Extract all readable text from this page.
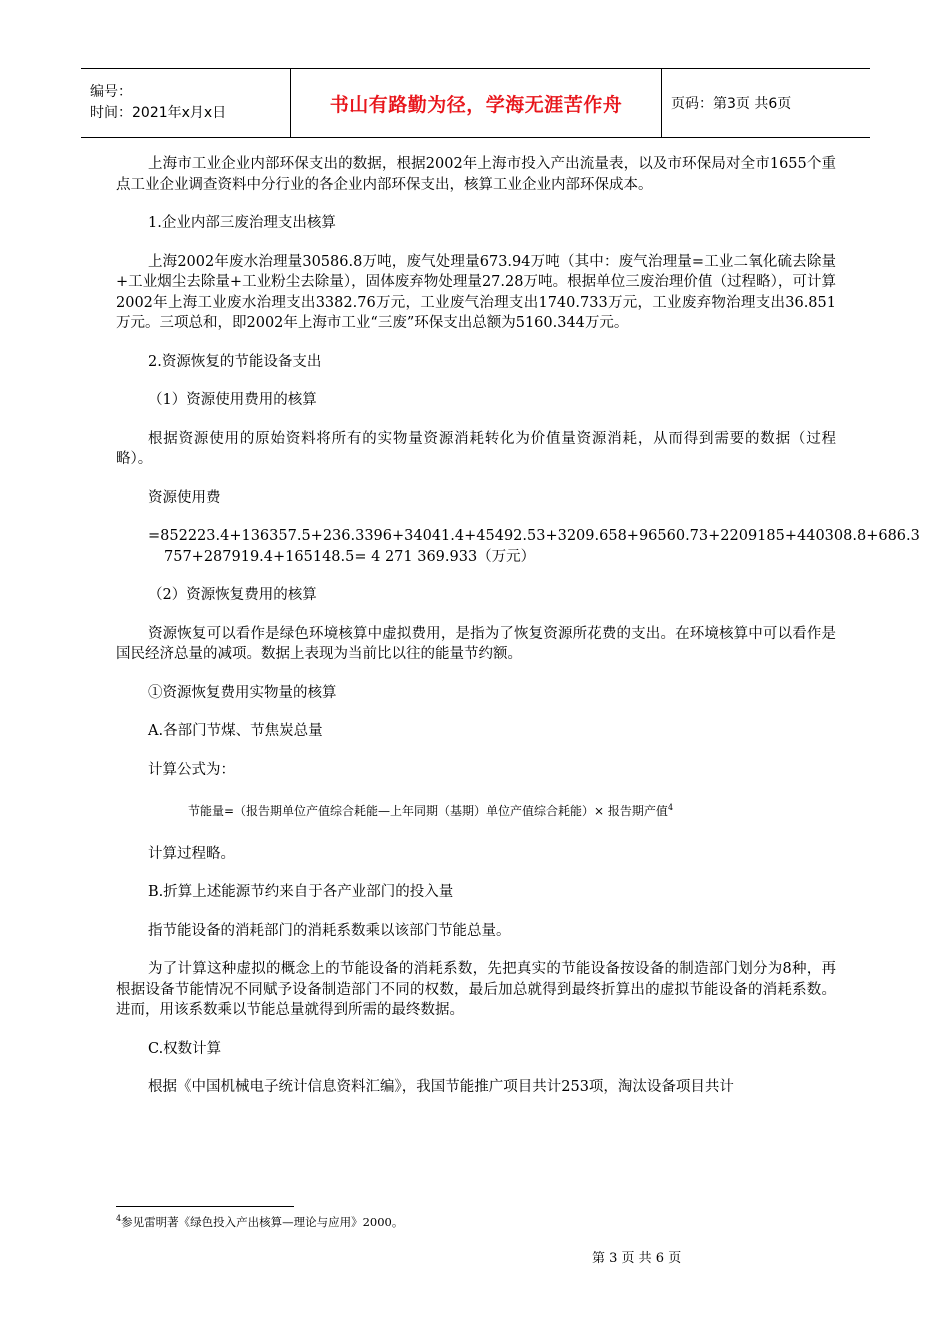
编号：
时间：2021年x月x日	书山有路勤为径，学海无涯苦作舟	页码：第3页 共6页

上海市工业企业内部环保支出的数据，根据2002年上海市投入产出流量表，以及市环保局对全市1655个重点工业企业调查资料中分行业的各企业内部环保支出，核算工业企业内部环保成本。

1.企业内部三废治理支出核算

上海2002年废水治理量30586.8万吨，废气处理量673.94万吨（其中：废气治理量=工业二氧化硫去除量+工业烟尘去除量+工业粉尘去除量），固体废弃物处理量27.28万吨。根据单位三废治理价值（过程略），可计算2002年上海工业废水治理支出3382.76万元，工业废气治理支出1740.733万元，工业废弃物治理支出36.851万元。三项总和，即2002年上海市工业“三废”环保支出总额为5160.344万元。

2.资源恢复的节能设备支出

（1）资源使用费用的核算

根据资源使用的原始资料将所有的实物量资源消耗转化为价值量资源消耗，从而得到需要的数据（过程略）。

资源使用费

=852223.4+136357.5+236.3396+34041.4+45492.53+3209.658+96560.73+2209185+440308.8+686.3

757+287919.4+165148.5= 4 271 369.933（万元）

（2）资源恢复费用的核算

资源恢复可以看作是绿色环境核算中虚拟费用，是指为了恢复资源所花费的支出。在环境核算中可以看作是国民经济总量的减项。数据上表现为当前比以往的能量节约额。

①资源恢复费用实物量的核算

A.各部门节煤、节焦炭总量

计算公式为：

节能量=（报告期单位产值综合耗能—上年同期（基期）单位产值综合耗能）× 报告期产值$^4$

计算过程略。

B.折算上述能源节约来自于各产业部门的投入量

指节能设备的消耗部门的消耗系数乘以该部门节能总量。

为了计算这种虚拟的概念上的节能设备的消耗系数，先把真实的节能设备按设备的制造部门划分为8种，再根据设备节能情况不同赋予设备制造部门不同的权数，最后加总就得到最终折算出的虚拟节能设备的消耗系数。进而，用该系数乘以节能总量就得到所需的最终数据。

C.权数计算

根据《中国机械电子统计信息资料汇编》，我国节能推广项目共计253项，淘汰设备项目共计

$^4$参见雷明著《绿色投入产出核算—理论与应用》2000。
第 3 页 共 6 页
